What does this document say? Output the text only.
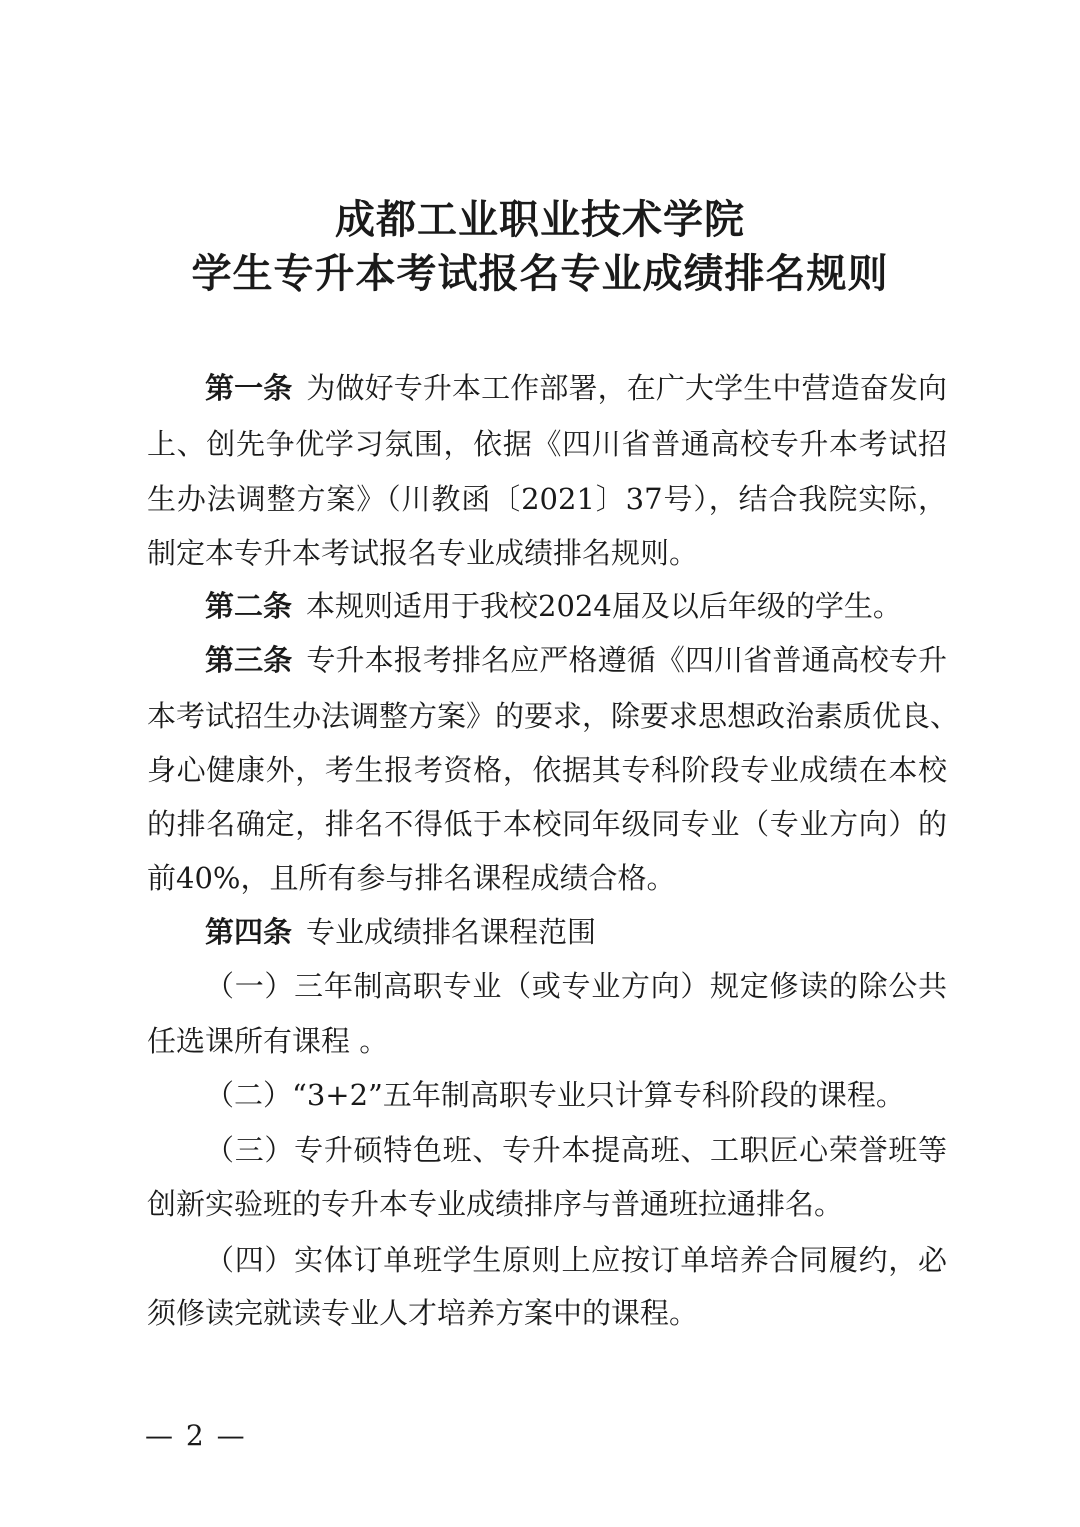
成都工业职业技术学院
学生专升本考试报名专业成绩排名规则
第一条 为做好专升本工作部署，在广大学生中营造奋发向
上、创先争优学习氛围，依据《四川省普通高校专升本考试招
生办法调整方案》（川教函〔2021〕37号），结合我院实际，
制定本专升本考试报名专业成绩排名规则。
第二条 本规则适用于我校2024届及以后年级的学生。
第三条 专升本报考排名应严格遵循《四川省普通高校专升
本考试招生办法调整方案》的要求，除要求思想政治素质优良、
身心健康外，考生报考资格，依据其专科阶段专业成绩在本校
的排名确定，排名不得低于本校同年级同专业（专业方向）的
前40%，且所有参与排名课程成绩合格。
第四条 专业成绩排名课程范围
（一）三年制高职专业（或专业方向）规定修读的除公共
任选课所有课程 。
（二）“3+2”五年制高职专业只计算专科阶段的课程。
（三）专升硕特色班、专升本提高班、工职匠心荣誉班等
创新实验班的专升本专业成绩排序与普通班拉通排名。
（四）实体订单班学生原则上应按订单培养合同履约，必
须修读完就读专业人才培养方案中的课程。
— 2 —
